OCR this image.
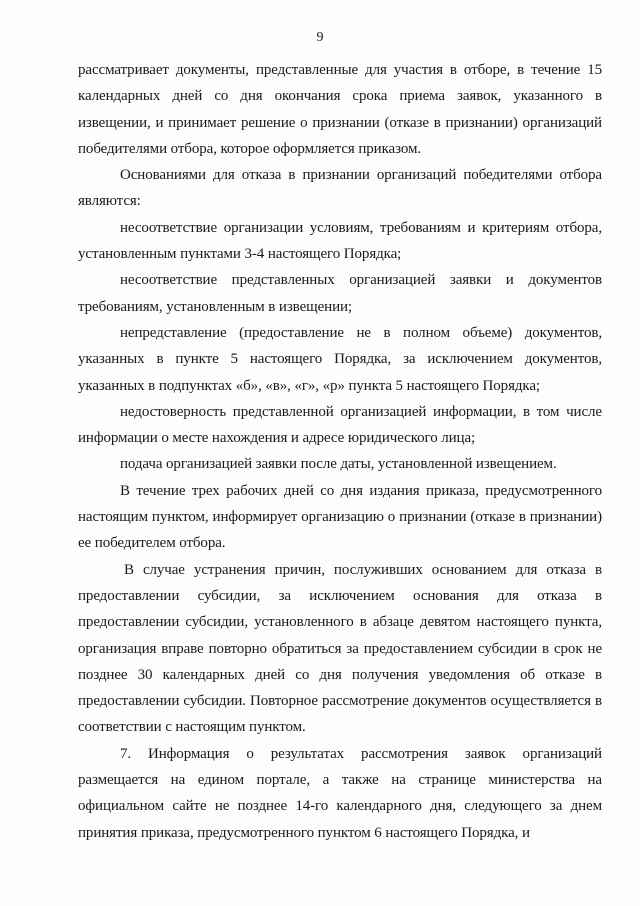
9

рассматривает документы, представленные для участия в отборе, в течение 15 календарных дней со дня окончания срока приема заявок, указанного в извещении, и принимает решение о признании (отказе в признании) организаций победителями отбора, которое оформляется приказом.

Основаниями для отказа в признании организаций победителями отбора являются:

несоответствие организации условиям, требованиям и критериям отбора, установленным пунктами 3-4 настоящего Порядка;

несоответствие представленных организацией заявки и документов требованиям, установленным в извещении;

непредставление (предоставление не в полном объеме) документов, указанных в пункте 5 настоящего Порядка, за исключением документов, указанных в подпунктах «б», «в», «г», «р» пункта 5 настоящего Порядка;

недостоверность представленной организацией информации, в том числе информации о месте нахождения и адресе юридического лица;

подача организацией заявки после даты, установленной извещением.

В течение трех рабочих дней со дня издания приказа, предусмотренного настоящим пунктом, информирует организацию о признании (отказе в признании) ее победителем отбора.

В случае устранения причин, послуживших основанием для отказа в предоставлении субсидии, за исключением основания для отказа в предоставлении субсидии, установленного в абзаце девятом настоящего пункта, организация вправе повторно обратиться за предоставлением субсидии в срок не позднее 30 календарных дней со дня получения уведомления об отказе в предоставлении субсидии. Повторное рассмотрение документов осуществляется в соответствии с настоящим пунктом.

7. Информация о результатах рассмотрения заявок организаций размещается на едином портале, а также на странице министерства на официальном сайте не позднее 14-го календарного дня, следующего за днем принятия приказа, предусмотренного пунктом 6 настоящего Порядка, и
